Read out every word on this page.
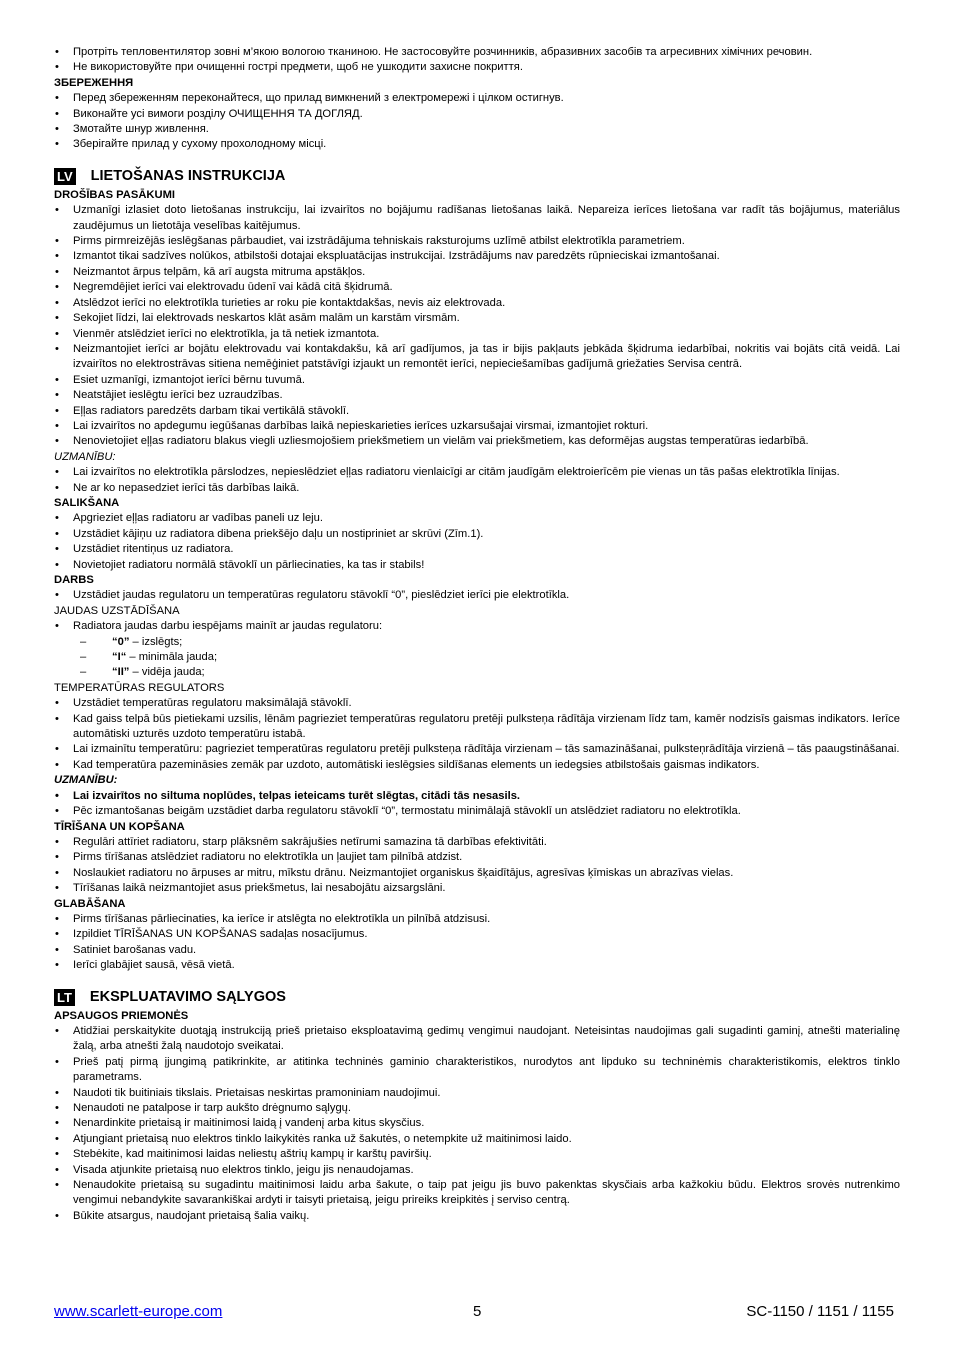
• Протріть тепловентилятор зовні м’якою вологою тканиною. Не застосовуйте розчинників, абразивних засобів та агресивних хімічних речовин.
• Не використовуйте при очищенні гострі предмети, щоб не ушкодити захисне покриття.
ЗБЕРЕЖЕННЯ
• Перед збереженням переконайтеся, що прилад вимкнений з електромережі і цілком остигнув.
• Виконайте усі вимоги розділу ОЧИЩЕННЯ ТА ДОГЛЯД.
• Змотайте шнур живлення.
• Зберігайте прилад у сухому прохолодному місці.
LV LIETOŠANAS INSTRUKCIJA
DROŠĪBAS PASĀKUMI
• Uzmanīgi izlasiet doto lietošanas instrukciju, lai izvairītos no bojājumu radīšanas lietošanas laikā. Nepareiza ierīces lietošana var radīt tās bojājumus, materiālus zaudējumus un lietotāja veselības kaitējumus.
• Pirms pirmreizējās ieslēgšanas pārbaudiet, vai izstrādājuma tehniskais raksturojums uzlīmē atbilst elektrotīkla parametriem.
• Izmantot tikai sadzīves nolūkos, atbilstoši dotajai ekspluatācijas instrukcijai. Izstrādājums nav paredzēts rūpnieciskai izmantošanai.
• Neizmantot ārpus telpām, kā arī augsta mitruma apstākļos.
• Negremdējiet ierīci vai elektrovadu ūdenī vai kādā citā šķidrumā.
• Atslēdzot ierīci no elektrotīkla turieties ar roku pie kontaktdakšas, nevis aiz elektrovada.
• Sekojiet līdzi, lai elektrovads neskartos klāt asām malām un karstām virsmām.
• Vienmēr atslēdziet ierīci no elektrotīkla, ja tā netiek izmantota.
• Neizmantojiet ierīci ar bojātu elektrovadu vai kontakdakšu, kā arī gadījumos, ja tas ir bijis pakļauts jebkāda šķidruma iedarbībai, nokritis vai bojāts citā veidā. Lai izvairītos no elektrostrāvas sitiena nemēģiniet patstāvīgi izjaukt un remontēt ierīci, nepieciešamības gadījumā griežaties Servisa centrā.
• Esiet uzmanīgi, izmantojot ierīci bērnu tuvumā.
• Neatstājiet ieslēgtu ierīci bez uzraudzības.
• Eļļas radiators paredzēts darbam tikai vertikālā stāvoklī.
• Lai izvairītos no apdegumu iegūšanas darbības laikā nepieskarieties ierīces uzkarsušajai virsmai, izmantojiet rokturi.
• Nenovietojiet eļļas radiatoru blakus viegli uzliesmojošiem priekšmetiem un vielām vai priekšmetiem, kas deformējas augstas temperatūras iedarbībā.
UZMANĪBU:
• Lai izvairītos no elektrotīkla pārslodzes, nepieslēdziet eļļas radiatoru vienlaicīgi ar citām jaudīgām elektroierīcēm pie vienas un tās pašas elektrotīkla līnijas.
• Ne ar ko nepasedziet ierīci tās darbības laikā.
SALIKŠANA
• Apgrieziet eļļas radiatoru ar vadības paneli uz leju.
• Uzstādiet kājiņu uz radiatora dibena priekšējo daļu un nostipriniet ar skrūvi (Zīm.1).
• Uzstādiet ritentiņus uz radiatora.
• Novietojiet radiatoru normālā stāvoklī un pārliecinaties, ka tas ir stabils!
DARBS
• Uzstādiet jaudas regulatoru un temperatūras regulatoru stāvoklī “0”, pieslēdziet ierīci pie elektrotīkla.
JAUDAS UZSTĀDĪŠANA
• Radiatora jaudas darbu iespējams mainīt ar jaudas regulatoru:
– “0” – izslēgts;
– “I“ – minimāla jauda;
– “II” – vidēja jauda;
TEMPERATŪRAS REGULATORS
• Uzstādiet temperatūras regulatoru maksimālajā stāvoklī.
• Kad gaiss telpā būs pietiekami uzsilis, lēnām pagrieziet temperatūras regulatoru pretēji pulksteņa rādītāja virzienam līdz tam, kamēr nodzisīs gaismas indikators. Ierīce automātiski uzturēs uzdoto temperatūru istabā.
• Lai izmainītu temperatūru: pagrieziet temperatūras regulatoru pretēji pulksteņa rādītāja virzienam – tās samazināšanai, pulksteņrādītāja virzienā – tās paaugstināšanai.
• Kad temperatūra pazemināsies zemāk par uzdoto, automātiski ieslēgsies sildīšanas elements un iedegsies atbilstošais gaismas indikators.
UZMANĪBU:
• Lai izvairītos no siltuma noplūdes, telpas ieteicams turēt slēgtas, citādi tās nesasils.
• Pēc izmantošanas beigām uzstādiet darba regulatoru stāvoklī “0”, termostatu minimālajā stāvoklī un atslēdziet radiatoru no elektrotīkla.
TĪRĪŠANA UN KOPŠANA
• Regulāri attīriet radiatoru, starp plāksnēm sakrājušies netīrumi samazina tā darbības efektivitāti.
• Pirms tīrīšanas atslēdziet radiatoru no elektrotīkla un ļaujiet tam pilnībā atdzist.
• Noslaukiet radiatoru no ārpuses ar mitru, mīkstu drānu. Neizmantojiet organiskus šķaidītājus, agresīvas ķīmiskas un abrazīvas vielas.
• Tīrīšanas laikā neizmantojiet asus priekšmetus, lai nesabojātu aizsargslāni.
GLABĀŠANA
• Pirms tīrīšanas pārliecinaties, ka ierīce ir atslēgta no elektrotīkla un pilnībā atdzisusi.
• Izpildiet TĪRĪŠANAS UN KOPŠANAS sadaļas nosacījumus.
• Satiniet barošanas vadu.
• Ierīci glabājiet sausā, vēsā vietā.
LT EKSPLUATAVIMO SĄLYGOS
APSAUGOS PRIEMONĖS
• Atidžiai perskaitykite duotąją instrukciją prieš prietaiso eksploatavimą gedimų vengimui naudojant. Neteisintas naudojimas gali sugadinti gaminį, atnešti materialinę žalą, arba atnešti žalą naudotojo sveikatai.
• Prieš patį pirmą įjungimą patikrinkite, ar atitinka techninės gaminio charakteristikos, nurodytos ant lipduko su techninėmis charakteristikomis, elektros tinklo parametrams.
• Naudoti tik buitiniais tikslais. Prietaisas neskirtas pramoniniam naudojimui.
• Nenaudoti ne patalpose ir tarp aukšto drėgnumo sąlygų.
• Nenardinkite prietaisą ir maitinimosi laidą į vandenį arba kitus skysčius.
• Atjungiant prietaisą nuo elektros tinklo laikykitės ranka už šakutės, o netempkite už maitinimosi laido.
• Stebėkite, kad maitinimosi laidas neliestų aštrių kampų ir karštų paviršių.
• Visada atjunkite prietaisą nuo elektros tinklo, jeigu jis nenaudojamas.
• Nenaudokite prietaisą su sugadintu maitinimosi laidu arba šakute, o taip pat jeigu jis buvo pakenktas skysčiais arba kažkokiu būdu. Elektros srovės nutrenkimo vengimui nebandykite savarankiškai ardyti ir taisyti prietaisą, jeigu prireiks kreipkitės į serviso centrą.
• Būkite atsargus, naudojant prietaisą šalia vaikų.
www.scarlett-europe.com	5	SC-1150 / 1151 / 1155
